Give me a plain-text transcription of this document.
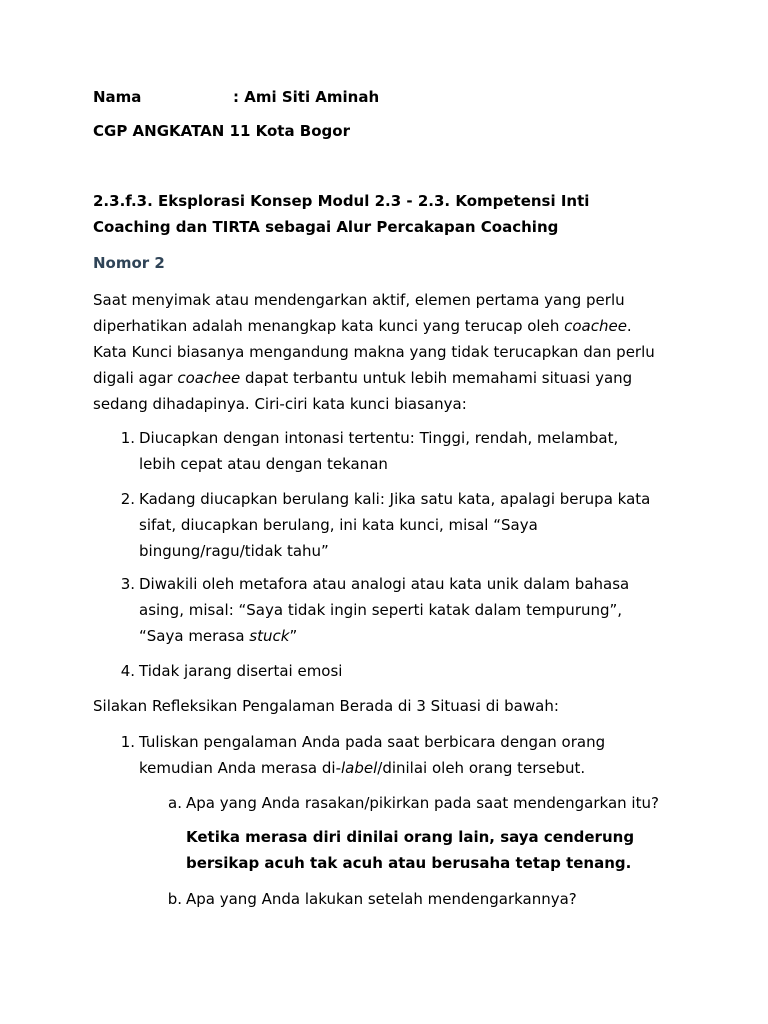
Nama	: Ami Siti Aminah
CGP ANGKATAN 11 Kota Bogor
2.3.f.3. Eksplorasi Konsep Modul 2.3 - 2.3. Kompetensi Inti
Coaching dan TIRTA sebagai Alur Percakapan Coaching
Nomor 2
Saat menyimak atau mendengarkan aktif, elemen pertama yang perlu
diperhatikan adalah menangkap kata kunci yang terucap oleh coachee.
Kata Kunci biasanya mengandung makna yang tidak terucapkan dan perlu
digali agar coachee dapat terbantu untuk lebih memahami situasi yang
sedang dihadapinya. Ciri-ciri kata kunci biasanya:
1. Diucapkan dengan intonasi tertentu: Tinggi, rendah, melambat,
lebih cepat atau dengan tekanan
2. Kadang diucapkan berulang kali: Jika satu kata, apalagi berupa kata
sifat, diucapkan berulang, ini kata kunci, misal “Saya
bingung/ragu/tidak tahu”
3. Diwakili oleh metafora atau analogi atau kata unik dalam bahasa
asing, misal: “Saya tidak ingin seperti katak dalam tempurung”,
“Saya merasa stuck”
4. Tidak jarang disertai emosi
Silakan Refleksikan Pengalaman Berada di 3 Situasi di bawah:
1. Tuliskan pengalaman Anda pada saat berbicara dengan orang
kemudian Anda merasa di-label/dinilai oleh orang tersebut.
a. Apa yang Anda rasakan/pikirkan pada saat mendengarkan itu?
Ketika merasa diri dinilai orang lain, saya cenderung
bersikap acuh tak acuh atau berusaha tetap tenang.
b. Apa yang Anda lakukan setelah mendengarkannya?
